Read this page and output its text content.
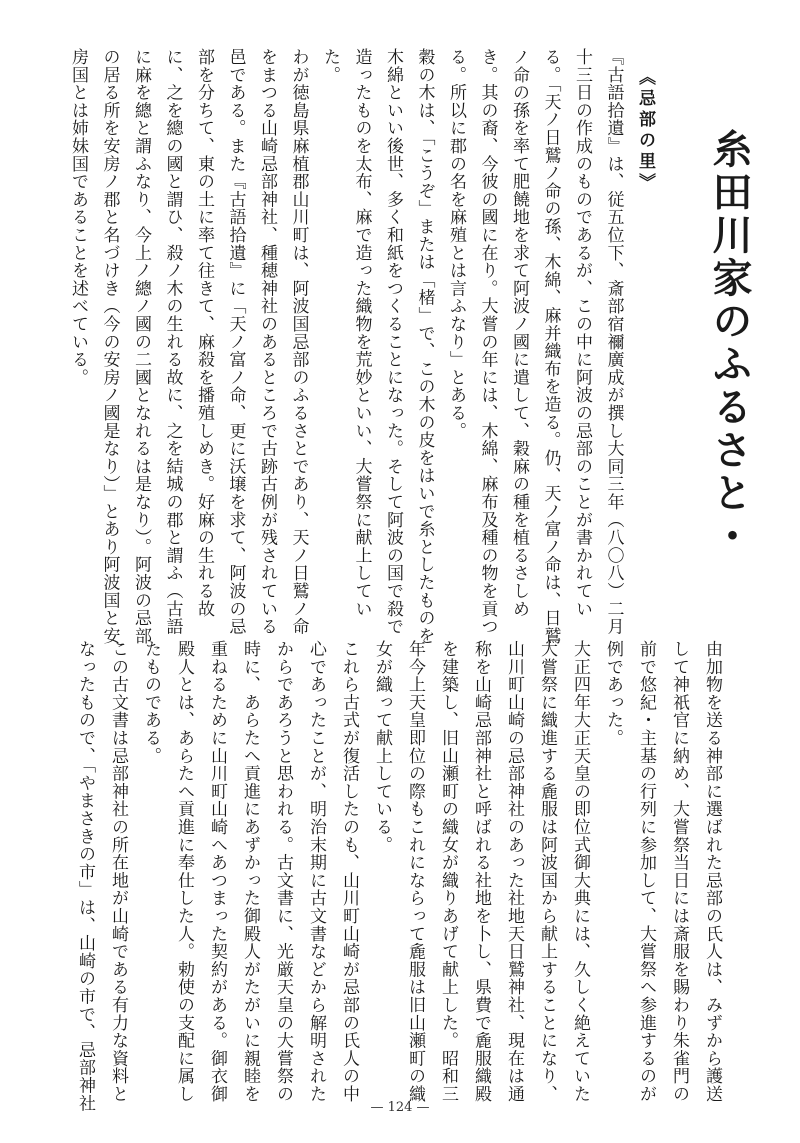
糸田川家のふるさと・

《忌部の里》

『古語拾遺』は、従五位下、斎部宿禰廣成が撰し大同三年（八〇八）二月十三日の作成のものであるが、この中に阿波の忌部のことが書かれている。「天ノ日鷲ノ命の孫、木綿、麻并織布を造る。仍、天ノ富ノ命は、日鷲ノ命の孫を率て肥饒地を求て阿波ノ國に遣して、穀麻の種を植るさしめき。其の裔、今彼の國に在り。大嘗の年には、木綿、麻布及種の物を貢つる。所以に郡の名を麻殖とは言ふなり」とある。

穀の木は、「こうぞ」または「楮」で、この木の皮をはいで糸としたものを木綿といい後世、多く和紙をつくることになった。そして阿波の国で殺で造ったものを太布、麻で造った織物を荒妙といい、大嘗祭に献上していた。

わが徳島県麻植郡山川町は、阿波国忌部のふるさとであり、天ノ日鷲ノ命をまつる山崎忌部神社、種穂神社のあるところで古跡古例が残されている邑である。また『古語拾遺』に「天ノ富ノ命、更に沃壌を求て、阿波の忌部を分ちて、東の土に率て往きて、麻殺を播殖しめき。好麻の生れる故に、之を總の國と謂ひ、殺ノ木の生れる故に、之を結城の郡と謂ふ（古語に麻を總と謂ふなり、今上ノ總ノ國の二國となれるは是なり）。阿波の忌部の居る所を安房ノ郡と名づけき（今の安房ノ國是なり）」とあり阿波国と安房国とは姉妹国であることを述べている。

由加物を送る神部に選ばれた忌部の氏人は、みずから護送して神祇官に納め、大嘗祭当日には斎服を賜わり朱雀門の前で悠紀・主基の行列に参加して、大嘗祭へ参進するのが例であった。

大正四年大正天皇の即位式御大典には、久しく絶えていた大嘗祭に織進する麁服は阿波国から献上することになり、山川町山崎の忌部神社のあった社地天日鷲神社、現在は通称を山崎忌部神社と呼ばれる社地を卜し、県費で麁服織殿を建築し、旧山瀬町の織女が織りあげて献上した。昭和三年今上天皇即位の際もこれにならって麁服は旧山瀬町の織女が織って献上している。

これら古式が復活したのも、山川町山崎が忌部の氏人の中心であったことが、明治末期に古文書などから解明されたからであろうと思われる。古文書に、光厳天皇の大嘗祭の時に、あらたへ貢進にあずかった御殿人がたがいに親睦を重ねるために山川町山崎へあつまった契約がある。御衣御殿人とは、あらたへ貢進に奉仕した人。勅使の支配に属したものである。

この古文書は忌部神社の所在地が山崎である有力な資料となったもので、「やまさきの市」は、山崎の市で、忌部神社	— 124 —
